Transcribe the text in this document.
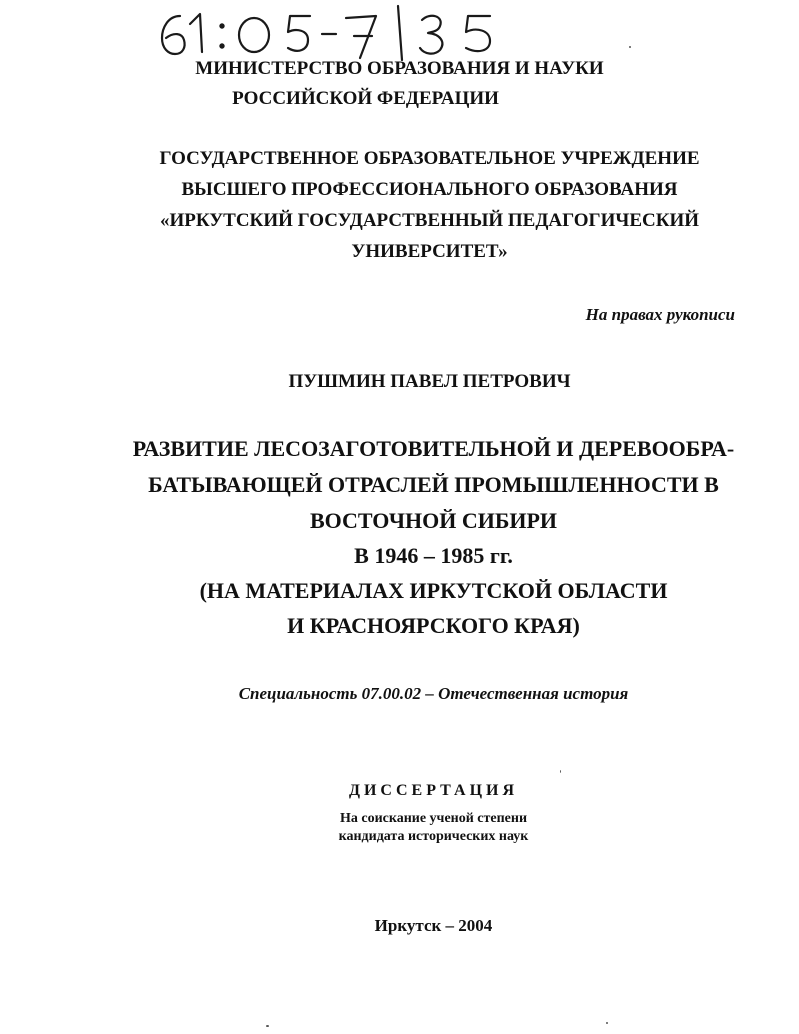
МИНИСТЕРСТВО ОБРАЗОВАНИЯ И НАУКИ
РОССИЙСКОЙ ФЕДЕРАЦИИ
ГОСУДАРСТВЕННОЕ ОБРАЗОВАТЕЛЬНОЕ УЧРЕЖДЕНИЕ
ВЫСШЕГО ПРОФЕССИОНАЛЬНОГО ОБРАЗОВАНИЯ
«ИРКУТСКИЙ ГОСУДАРСТВЕННЫЙ ПЕДАГОГИЧЕСКИЙ
УНИВЕРСИТЕТ»
На правах рукописи
ПУШМИН ПАВЕЛ ПЕТРОВИЧ
РАЗВИТИЕ ЛЕСОЗАГОТОВИТЕЛЬНОЙ И ДЕРЕВООБРА-
БАТЫВАЮЩЕЙ ОТРАСЛЕЙ ПРОМЫШЛЕННОСТИ В
ВОСТОЧНОЙ СИБИРИ
В 1946 – 1985 гг.
(НА МАТЕРИАЛАХ ИРКУТСКОЙ ОБЛАСТИ
И КРАСНОЯРСКОГО КРАЯ)
Специальность 07.00.02 – Отечественная история
ДИССЕРТАЦИЯ
На соискание ученой степени
кандидата исторических наук
Иркутск – 2004
